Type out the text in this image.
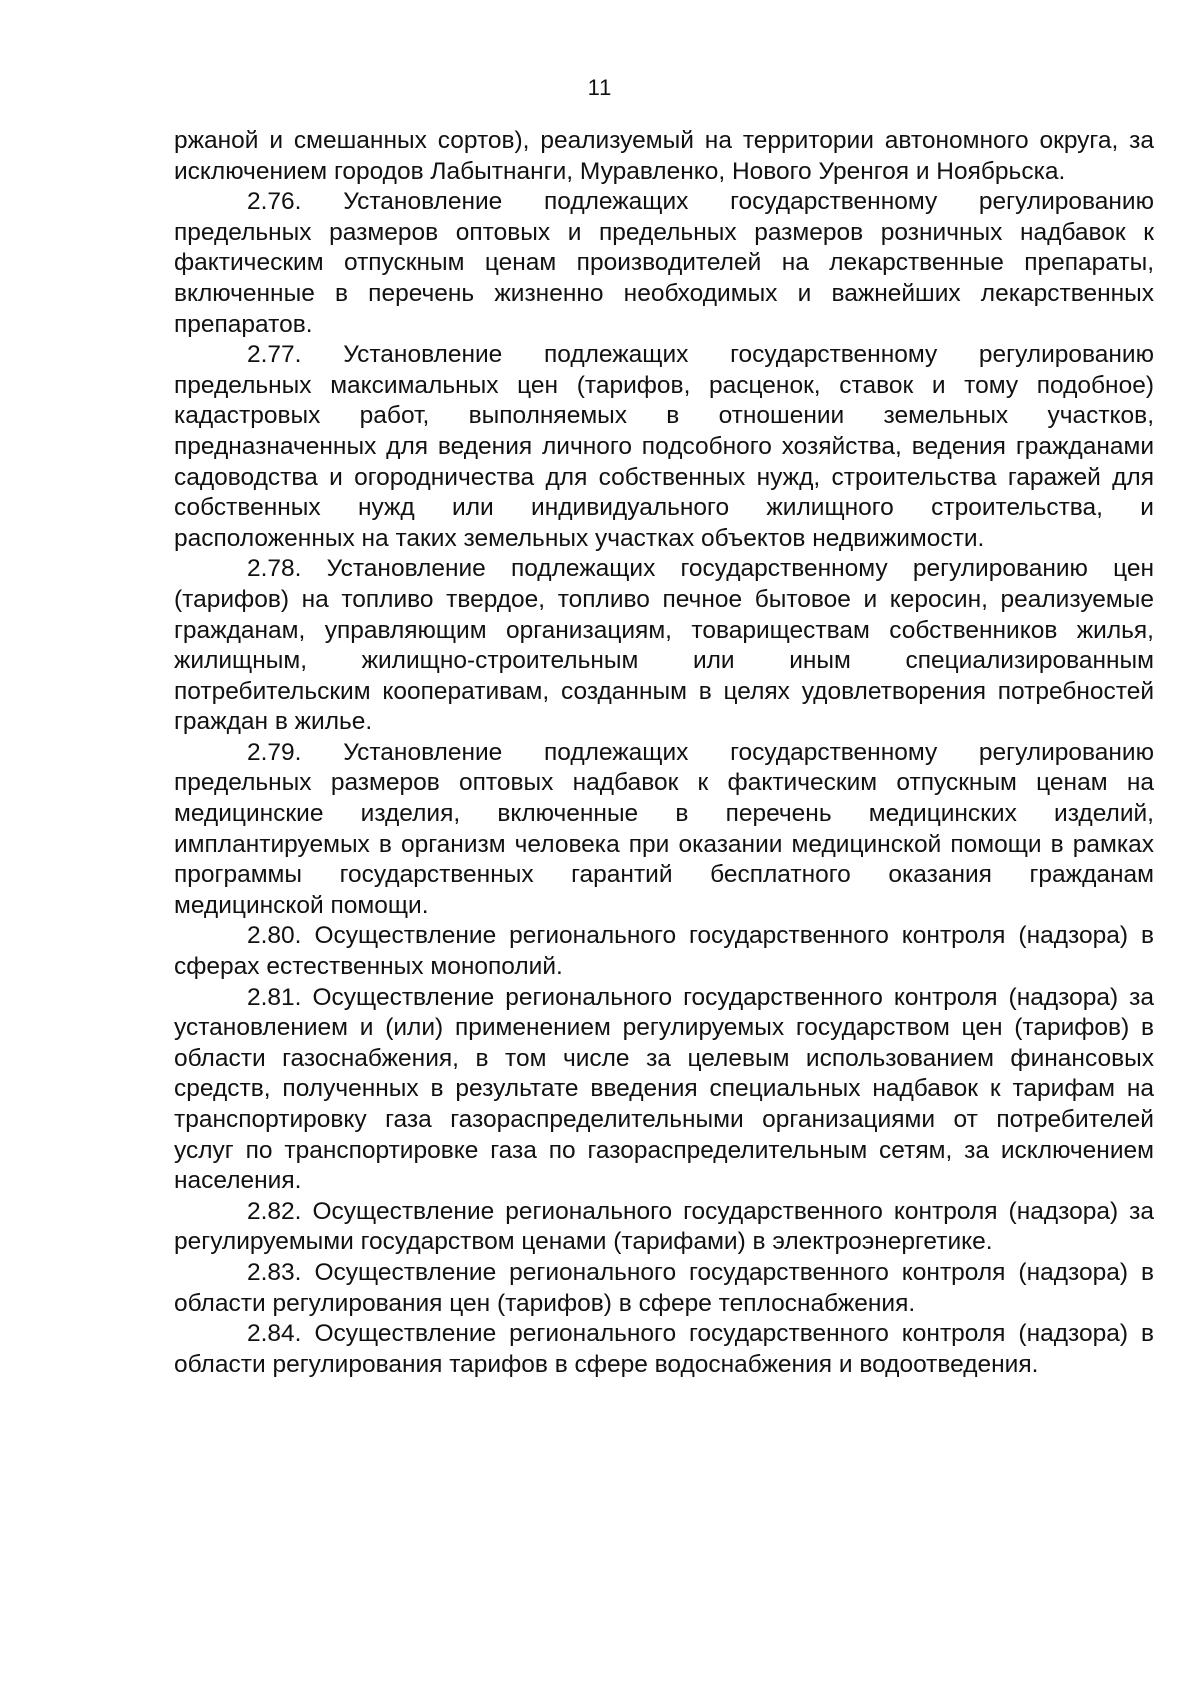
11

ржаной и смешанных сортов), реализуемый на территории автономного округа, за исключением городов Лабытнанги, Муравленко, Нового Уренгоя и Ноябрьска.

2.76. Установление подлежащих государственному регулированию предельных размеров оптовых и предельных размеров розничных надбавок к фактическим отпускным ценам производителей на лекарственные препараты, включенные в перечень жизненно необходимых и важнейших лекарственных препаратов.

2.77. Установление подлежащих государственному регулированию предельных максимальных цен (тарифов, расценок, ставок и тому подобное) кадастровых работ, выполняемых в отношении земельных участков, предназначенных для ведения личного подсобного хозяйства, ведения гражданами садоводства и огородничества для собственных нужд, строительства гаражей для собственных нужд или индивидуального жилищного строительства, и расположенных на таких земельных участках объектов недвижимости.

2.78. Установление подлежащих государственному регулированию цен (тарифов) на топливо твердое, топливо печное бытовое и керосин, реализуемые гражданам, управляющим организациям, товариществам собственников жилья, жилищным, жилищно-строительным или иным специализированным потребительским кооперативам, созданным в целях удовлетворения потребностей граждан в жилье.

2.79. Установление подлежащих государственному регулированию предельных размеров оптовых надбавок к фактическим отпускным ценам на медицинские изделия, включенные в перечень медицинских изделий, имплантируемых в организм человека при оказании медицинской помощи в рамках программы государственных гарантий бесплатного оказания гражданам медицинской помощи.

2.80. Осуществление регионального государственного контроля (надзора) в сферах естественных монополий.

2.81. Осуществление регионального государственного контроля (надзора) за установлением и (или) применением регулируемых государством цен (тарифов) в области газоснабжения, в том числе за целевым использованием финансовых средств, полученных в результате введения специальных надбавок к тарифам на транспортировку газа газораспределительными организациями от потребителей услуг по транспортировке газа по газораспределительным сетям, за исключением населения.

2.82. Осуществление регионального государственного контроля (надзора) за регулируемыми государством ценами (тарифами) в электроэнергетике.

2.83. Осуществление регионального государственного контроля (надзора) в области регулирования цен (тарифов) в сфере теплоснабжения.

2.84. Осуществление регионального государственного контроля (надзора) в области регулирования тарифов в сфере водоснабжения и водоотведения.
